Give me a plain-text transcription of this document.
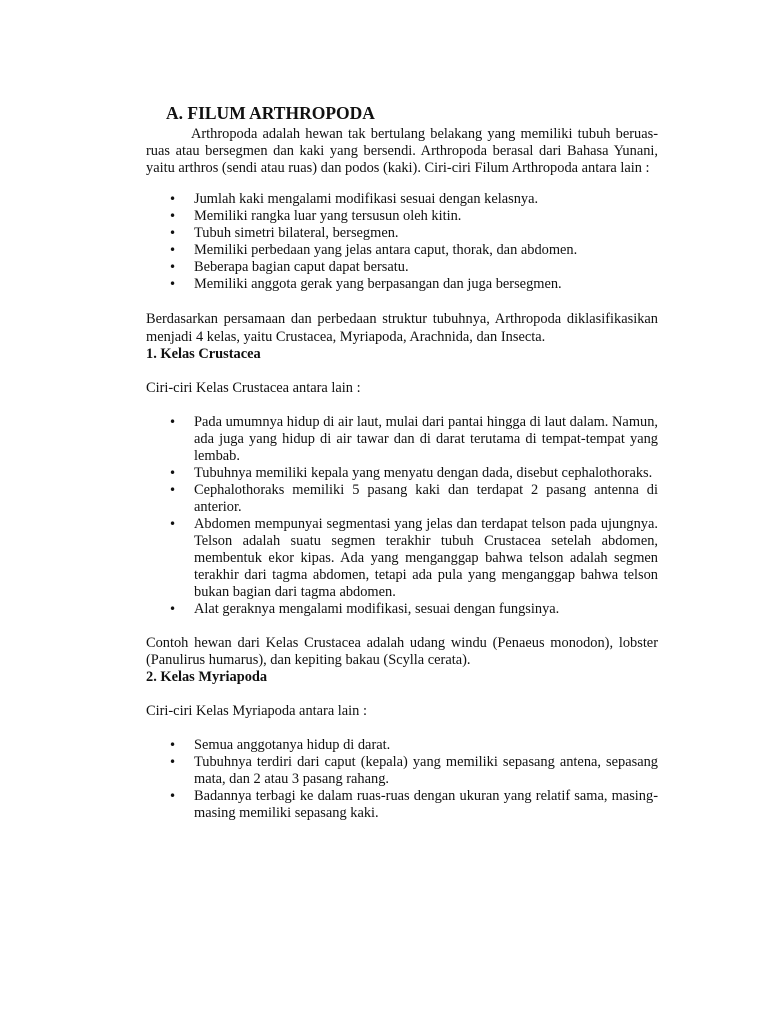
A. FILUM ARTHROPODA

Arthropoda adalah hewan tak bertulang belakang yang memiliki tubuh beruas-ruas atau bersegmen dan kaki yang bersendi. Arthropoda berasal dari Bahasa Yunani, yaitu arthros (sendi atau ruas) dan podos (kaki). Ciri-ciri Filum Arthropoda antara lain :

• Jumlah kaki mengalami modifikasi sesuai dengan kelasnya.
• Memiliki rangka luar yang tersusun oleh kitin.
• Tubuh simetri bilateral, bersegmen.
• Memiliki perbedaan yang jelas antara caput, thorak, dan abdomen.
• Beberapa bagian caput dapat bersatu.
• Memiliki anggota gerak yang berpasangan dan juga bersegmen.

Berdasarkan persamaan dan perbedaan struktur tubuhnya, Arthropoda diklasifikasikan menjadi 4 kelas, yaitu Crustacea, Myriapoda, Arachnida, dan Insecta.

1. Kelas Crustacea

Ciri-ciri Kelas Crustacea antara lain :

• Pada umumnya hidup di air laut, mulai dari pantai hingga di laut dalam. Namun, ada juga yang hidup di air tawar dan di darat terutama di tempat-tempat yang lembab.
• Tubuhnya memiliki kepala yang menyatu dengan dada, disebut cephalothoraks.
• Cephalothoraks memiliki 5 pasang kaki dan terdapat 2 pasang antenna di anterior.
• Abdomen mempunyai segmentasi yang jelas dan terdapat telson pada ujungnya. Telson adalah suatu segmen terakhir tubuh Crustacea setelah abdomen, membentuk ekor kipas. Ada yang menganggap bahwa telson adalah segmen terakhir dari tagma abdomen, tetapi ada pula yang menganggap bahwa telson bukan bagian dari tagma abdomen.
• Alat geraknya mengalami modifikasi, sesuai dengan fungsinya.

Contoh hewan dari Kelas Crustacea adalah udang windu (Penaeus monodon), lobster (Panulirus humarus), dan kepiting bakau (Scylla cerata).

2. Kelas Myriapoda

Ciri-ciri Kelas Myriapoda antara lain :

• Semua anggotanya hidup di darat.
• Tubuhnya terdiri dari caput (kepala) yang memiliki sepasang antena, sepasang mata, dan 2 atau 3 pasang rahang.
• Badannya terbagi ke dalam ruas-ruas dengan ukuran yang relatif sama, masing-masing memiliki sepasang kaki.
